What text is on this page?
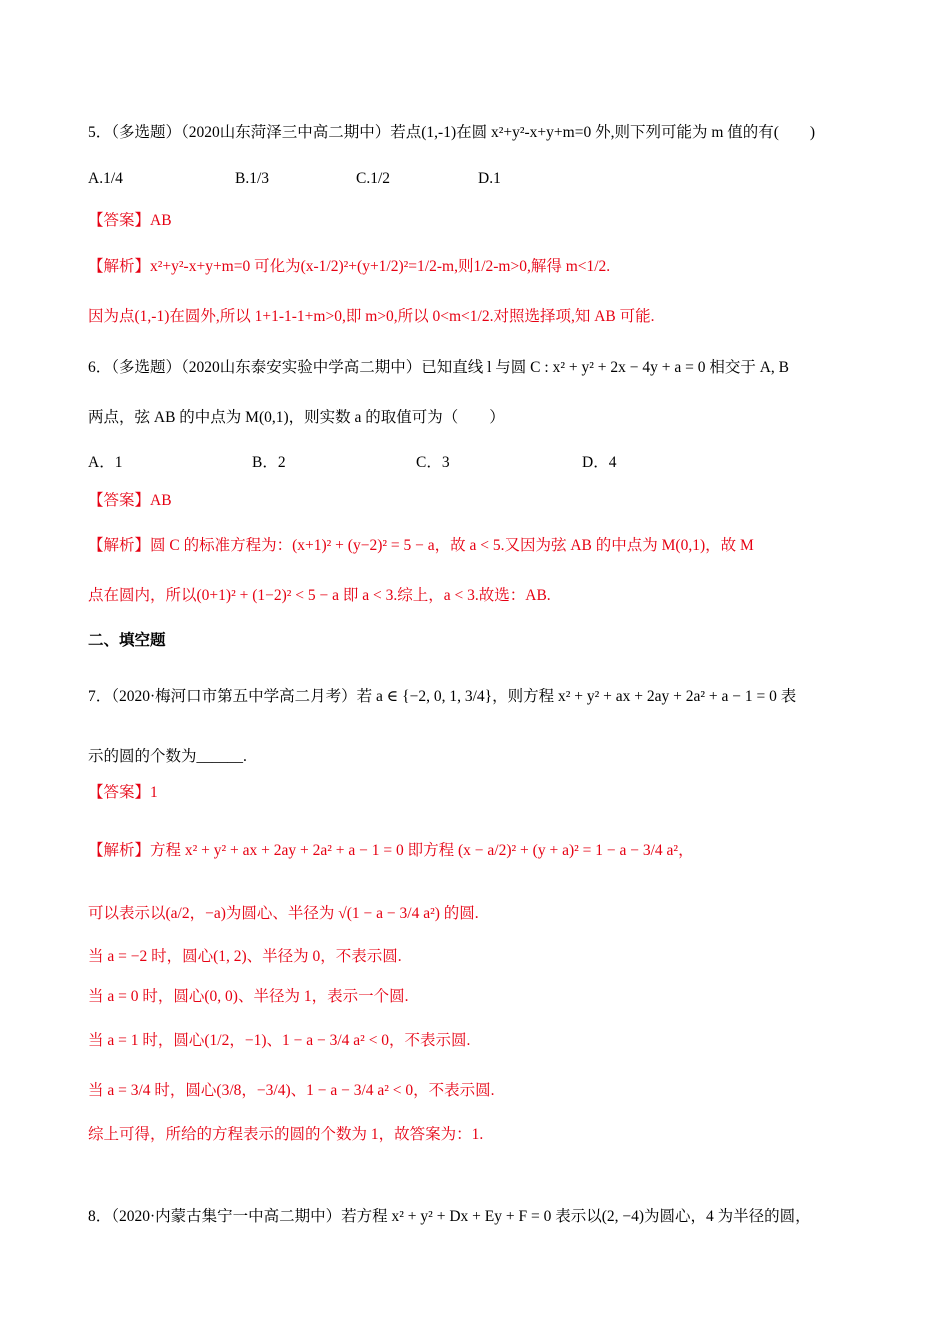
5．（多选题）（2020山东菏泽三中高二期中）若点(1,-1)在圆 x²+y²-x+y+m=0 外,则下列可能为 m 值的有(　　)
A.1/4	B.1/3	C.1/2	D.1
【答案】AB
【解析】x²+y²-x+y+m=0 可化为(x-1/2)²+(y+1/2)²=1/2-m,则1/2-m>0,解得 m<1/2.
因为点(1,-1)在圆外,所以 1+1-1-1+m>0,即 m>0,所以 0<m<1/2.对照选择项,知 AB 可能.
6．（多选题）（2020山东泰安实验中学高二期中）已知直线 l 与圆 C : x² + y² + 2x − 4y + a = 0 相交于 A, B
两点，弦 AB 的中点为 M(0,1)，则实数 a 的取值可为（　　）
A．1	B．2	C．3	D．4
【答案】AB
【解析】圆 C 的标准方程为：(x+1)² + (y−2)² = 5 − a，故 a < 5.又因为弦 AB 的中点为 M(0,1)，故 M
点在圆内，所以(0+1)² + (1−2)² < 5 − a 即 a < 3.综上，a < 3.故选：AB.
二、填空题
7．（2020·梅河口市第五中学高二月考）若 a ∈ {−2, 0, 1, 3/4}，则方程 x² + y² + ax + 2ay + 2a² + a − 1 = 0 表
示的圆的个数为______.
【答案】1
【解析】方程 x² + y² + ax + 2ay + 2a² + a − 1 = 0 即方程 (x − a/2)² + (y + a)² = 1 − a − 3/4 a²，
可以表示以(a/2，−a)为圆心、半径为 √(1 − a − 3/4 a²) 的圆.
当 a = −2 时，圆心(1, 2)、半径为 0，不表示圆.
当 a = 0 时，圆心(0, 0)、半径为 1，表示一个圆.
当 a = 1 时，圆心(1/2，−1)、1 − a − 3/4 a² < 0，不表示圆.
当 a = 3/4 时，圆心(3/8，−3/4)、1 − a − 3/4 a² < 0，不表示圆.
综上可得，所给的方程表示的圆的个数为 1，故答案为：1.
8．（2020·内蒙古集宁一中高二期中）若方程 x² + y² + Dx + Ey + F = 0 表示以(2, −4)为圆心，4 为半径的圆，
